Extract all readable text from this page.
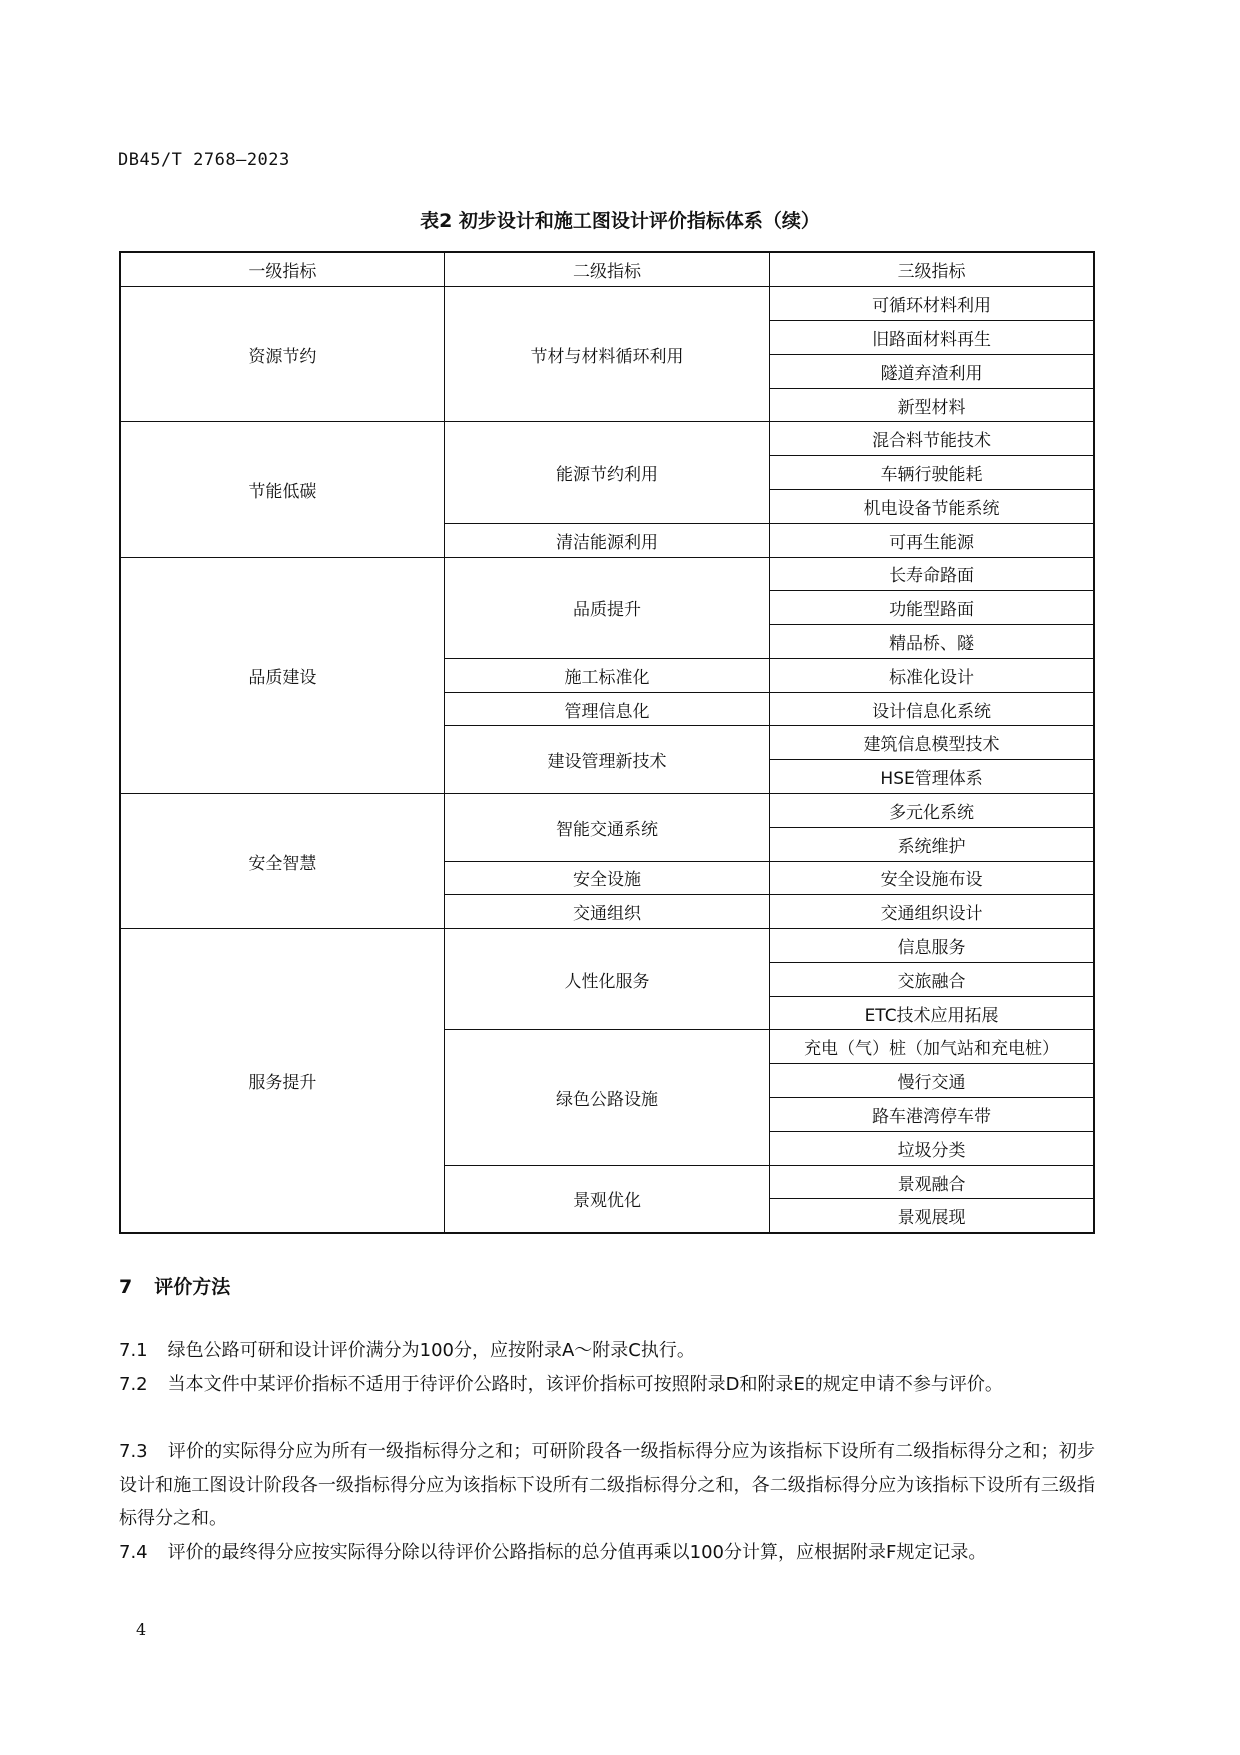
DB45/T 2768—2023
表2 初步设计和施工图设计评价指标体系（续）
一级指标	二级指标	三级指标
资源节约	节材与材料循环利用	可循环材料利用
		旧路面材料再生
		隧道弃渣利用
		新型材料
节能低碳	能源节约利用	混合料节能技术
		车辆行驶能耗
		机电设备节能系统
	清洁能源利用	可再生能源
品质建设	品质提升	长寿命路面
		功能型路面
		精品桥、隧
	施工标准化	标准化设计
	管理信息化	设计信息化系统
	建设管理新技术	建筑信息模型技术
		HSE管理体系
安全智慧	智能交通系统	多元化系统
		系统维护
	安全设施	安全设施布设
	交通组织	交通组织设计
服务提升	人性化服务	信息服务
		交旅融合
		ETC技术应用拓展
	绿色公路设施	充电（气）桩（加气站和充电桩）
		慢行交通
		路车港湾停车带
		垃圾分类
	景观优化	景观融合
		景观展现
7 评价方法
7.1 绿色公路可研和设计评价满分为100分，应按附录A～附录C执行。
7.2 当本文件中某评价指标不适用于待评价公路时，该评价指标可按照附录D和附录E的规定申请不参与评价。
7.3 评价的实际得分应为所有一级指标得分之和；可研阶段各一级指标得分应为该指标下设所有二级指标得分之和；初步设计和施工图设计阶段各一级指标得分应为该指标下设所有二级指标得分之和，各二级指标得分应为该指标下设所有三级指标得分之和。
7.4 评价的最终得分应按实际得分除以待评价公路指标的总分值再乘以100分计算，应根据附录F规定记录。
4
